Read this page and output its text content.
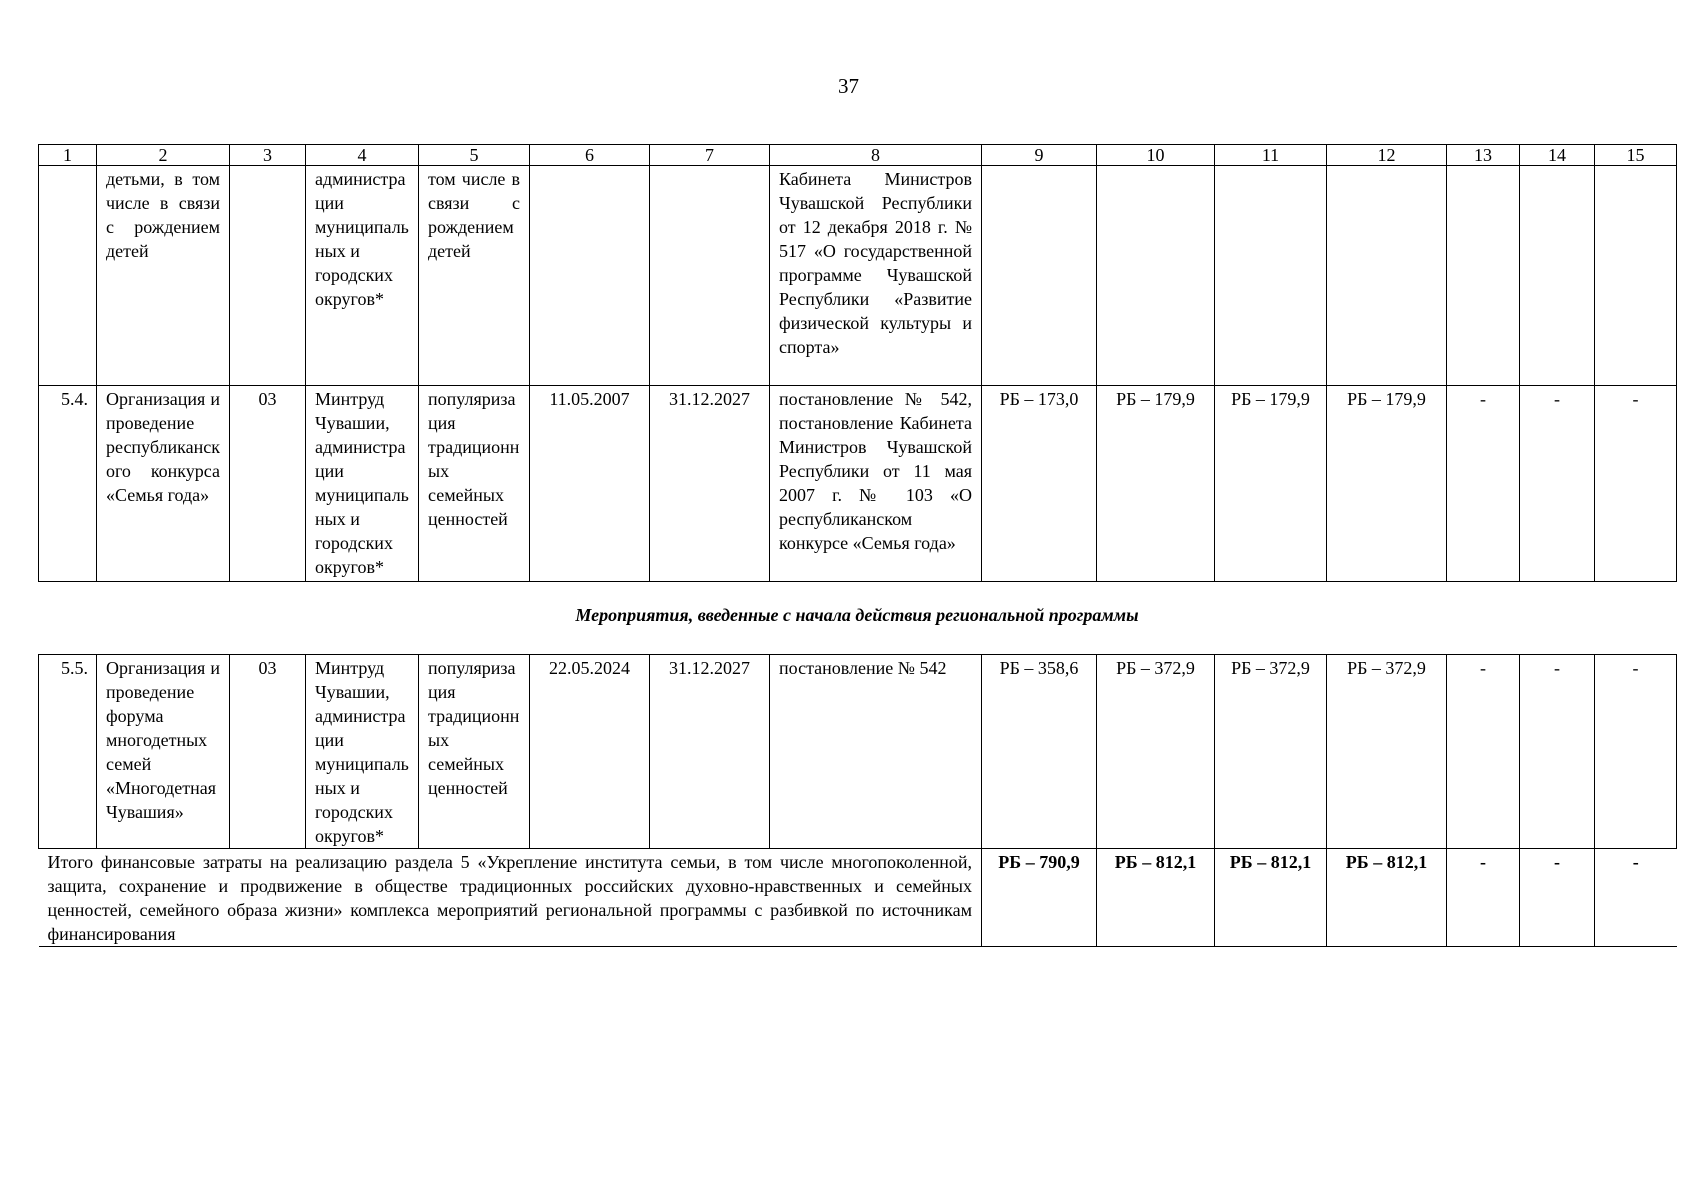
37
1	2	3	4	5	6	7	8	9	10	11	12	13	14	15
	детьми, в том числе в связи с рождением детей		администрации муниципальных и городских округов*	том числе в связи с рождением детей			Кабинета Министров Чувашской Республики от 12 декабря 2018 г. № 517 «О государственной программе Чувашской Республики «Развитие физической культуры и спорта»							
5.4.	Организация и проведение республиканского конкурса «Семья года»	03	Минтруд Чувашии, администрации муниципальных и городских округов*	популяризация традиционных семейных ценностей	11.05.2007	31.12.2027	постановление № 542, постановление Кабинета Министров Чувашской Республики от 11 мая 2007 г. № 103 «О республиканском конкурсе «Семья года»	РБ – 173,0	РБ – 179,9	РБ – 179,9	РБ – 179,9	-	-	-
Мероприятия, введенные с начала действия региональной программы
5.5.	Организация и проведение форума многодетных семей «Многодетная Чувашия»	03	Минтруд Чувашии, администрации муниципальных и городских округов*	популяризация традиционных семейных ценностей	22.05.2024	31.12.2027	постановление № 542	РБ – 358,6	РБ – 372,9	РБ – 372,9	РБ – 372,9	-	-	-
Итого финансовые затраты на реализацию раздела 5 «Укрепление института семьи, в том числе многопоколенной, защита, сохранение и продвижение в обществе традиционных российских духовно-нравственных и семейных ценностей, семейного образа жизни» комплекса мероприятий региональной программы с разбивкой по источникам финансирования								РБ – 790,9	РБ – 812,1	РБ – 812,1	РБ – 812,1	-	-	-
